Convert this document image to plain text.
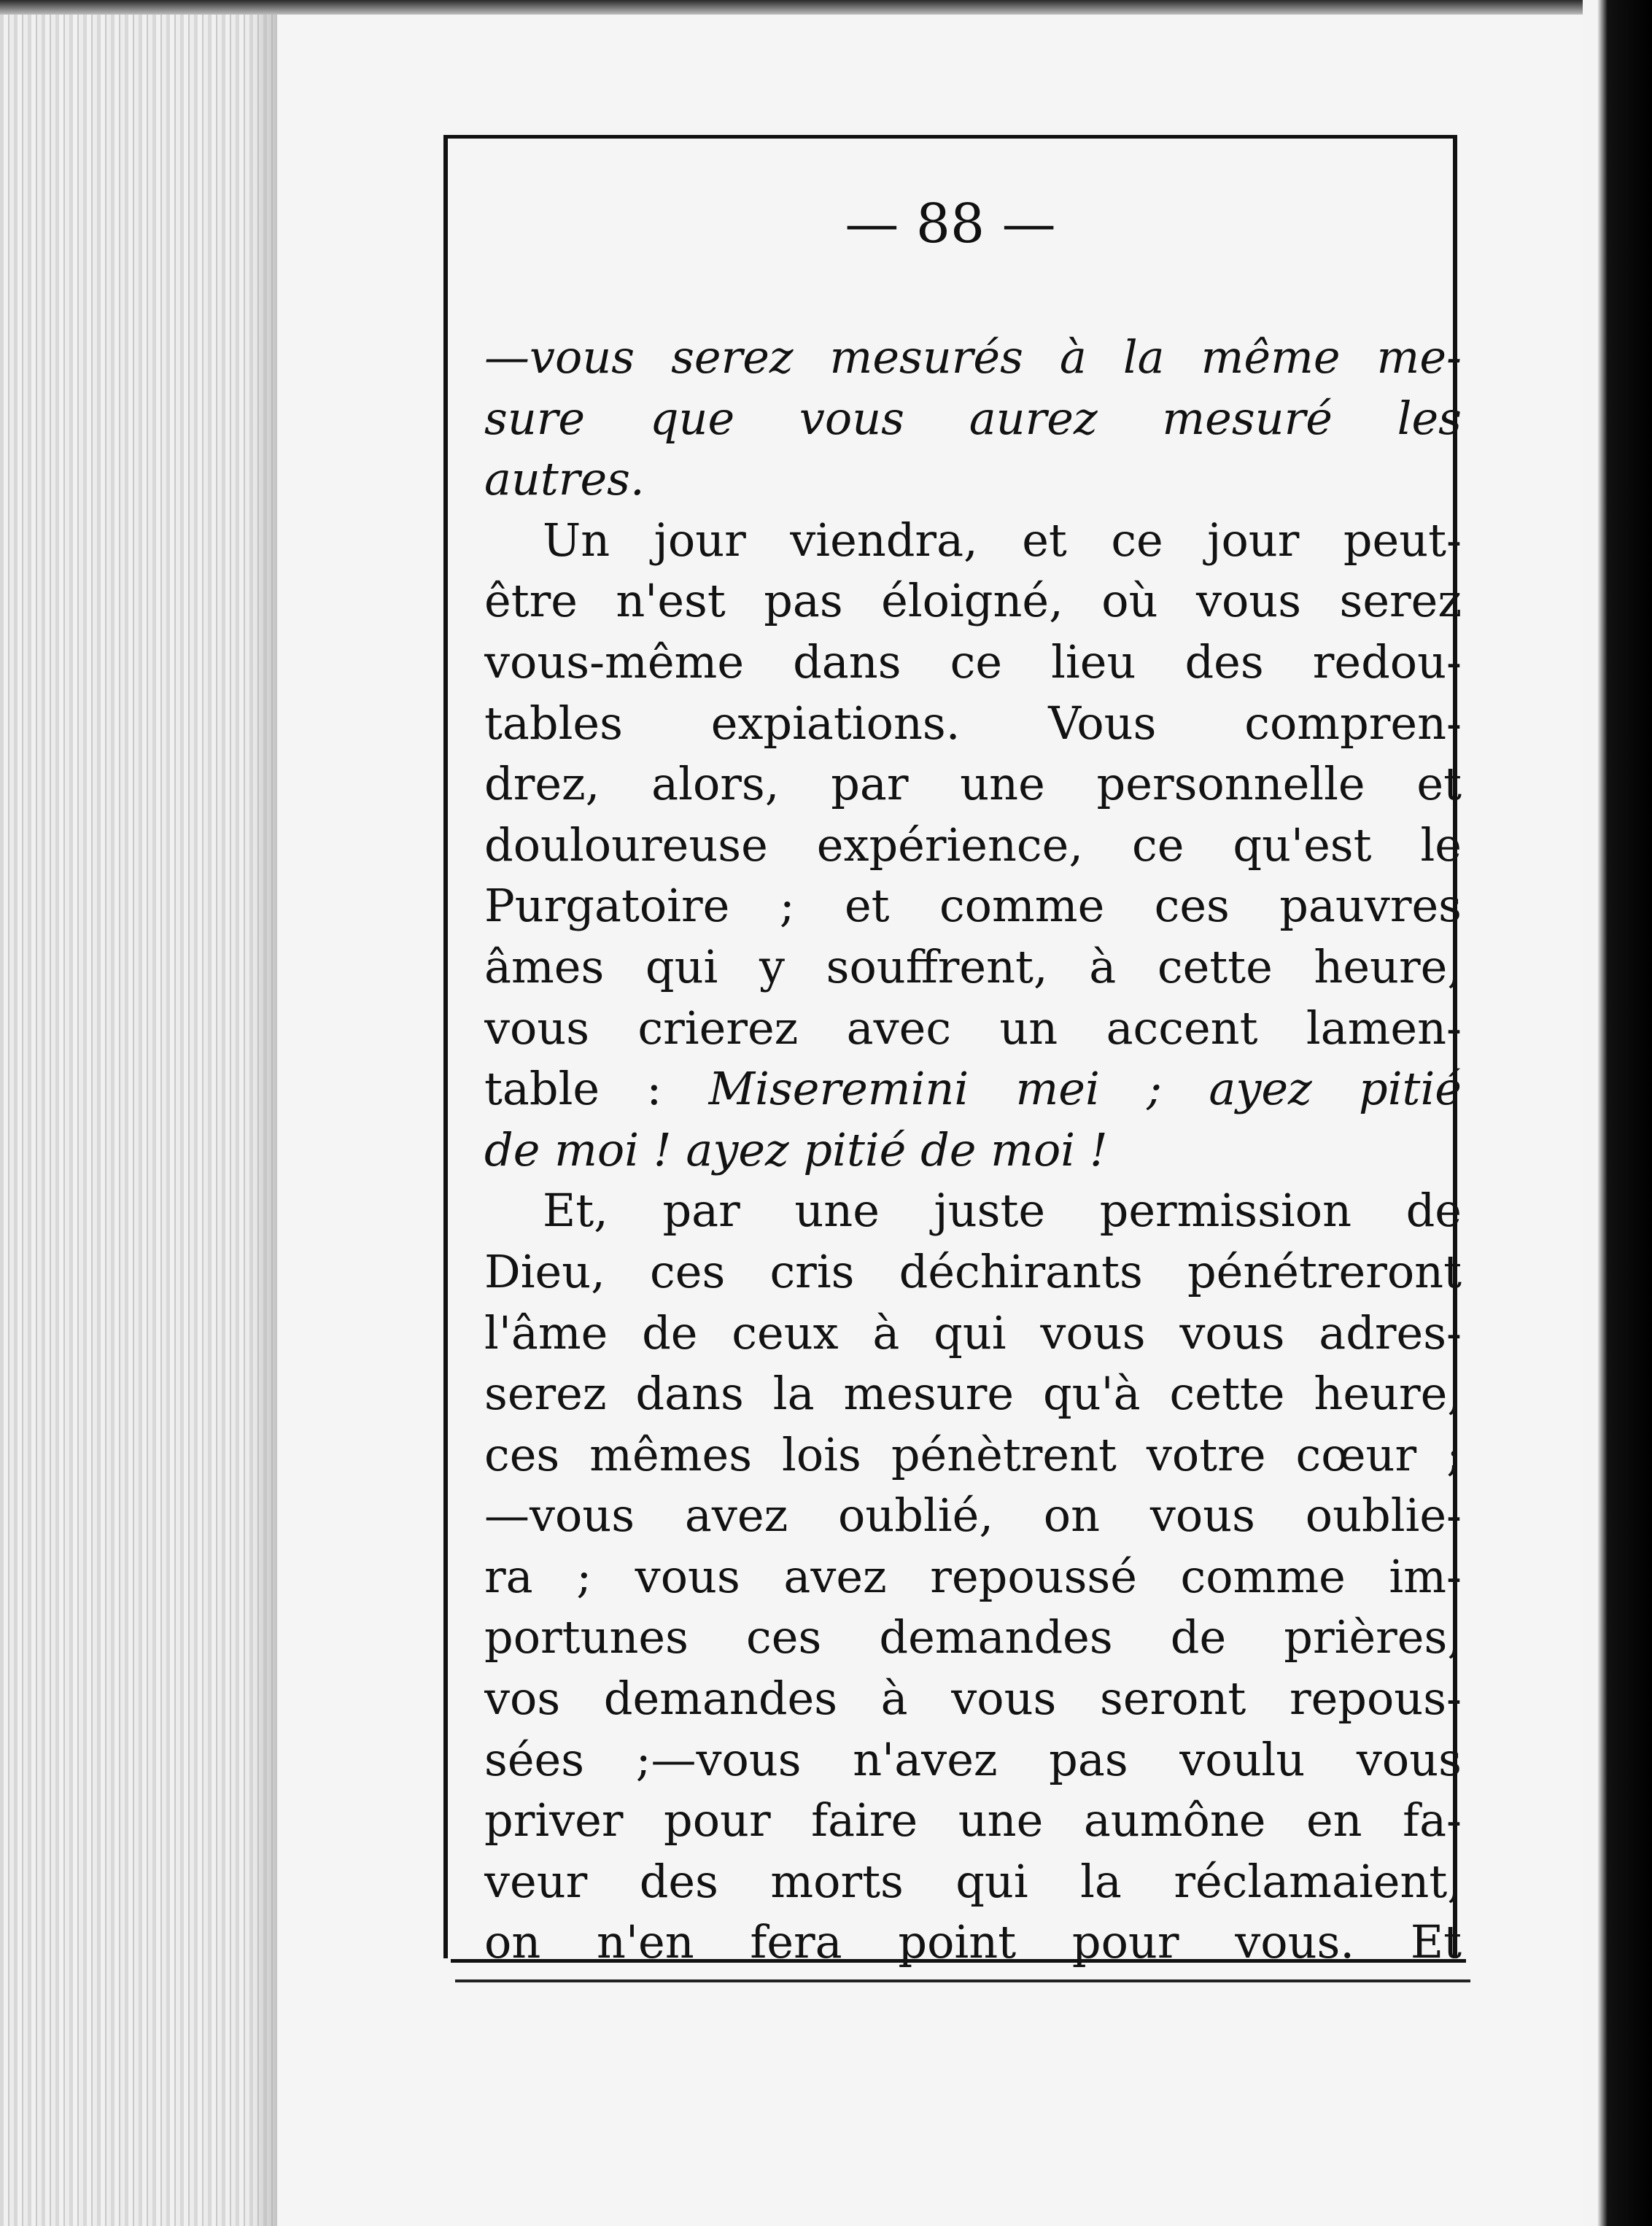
— 88 —
—vous serez mesurés à la même me-
sure que vous aurez mesuré les
autres.
Un jour viendra, et ce jour peut-
être n'est pas éloigné, où vous serez
vous-même dans ce lieu des redou-
tables expiations. Vous compren-
drez, alors, par une personnelle et
douloureuse expérience, ce qu'est le
Purgatoire ; et comme ces pauvres
âmes qui y souffrent, à cette heure,
vous crierez avec un accent lamen-
table : Miseremini mei ; ayez pitié
de moi ! ayez pitié de moi !
Et, par une juste permission de
Dieu, ces cris déchirants pénétreront
l'âme de ceux à qui vous vous adres-
serez dans la mesure qu'à cette heure,
ces mêmes lois pénètrent votre cœur ;
—vous avez oublié, on vous oublie-
ra ; vous avez repoussé comme im-
portunes ces demandes de prières,
vos demandes à vous seront repous-
sées ;—vous n'avez pas voulu vous
priver pour faire une aumône en fa-
veur des morts qui la réclamaient,
on n'en fera point pour vous. Et
